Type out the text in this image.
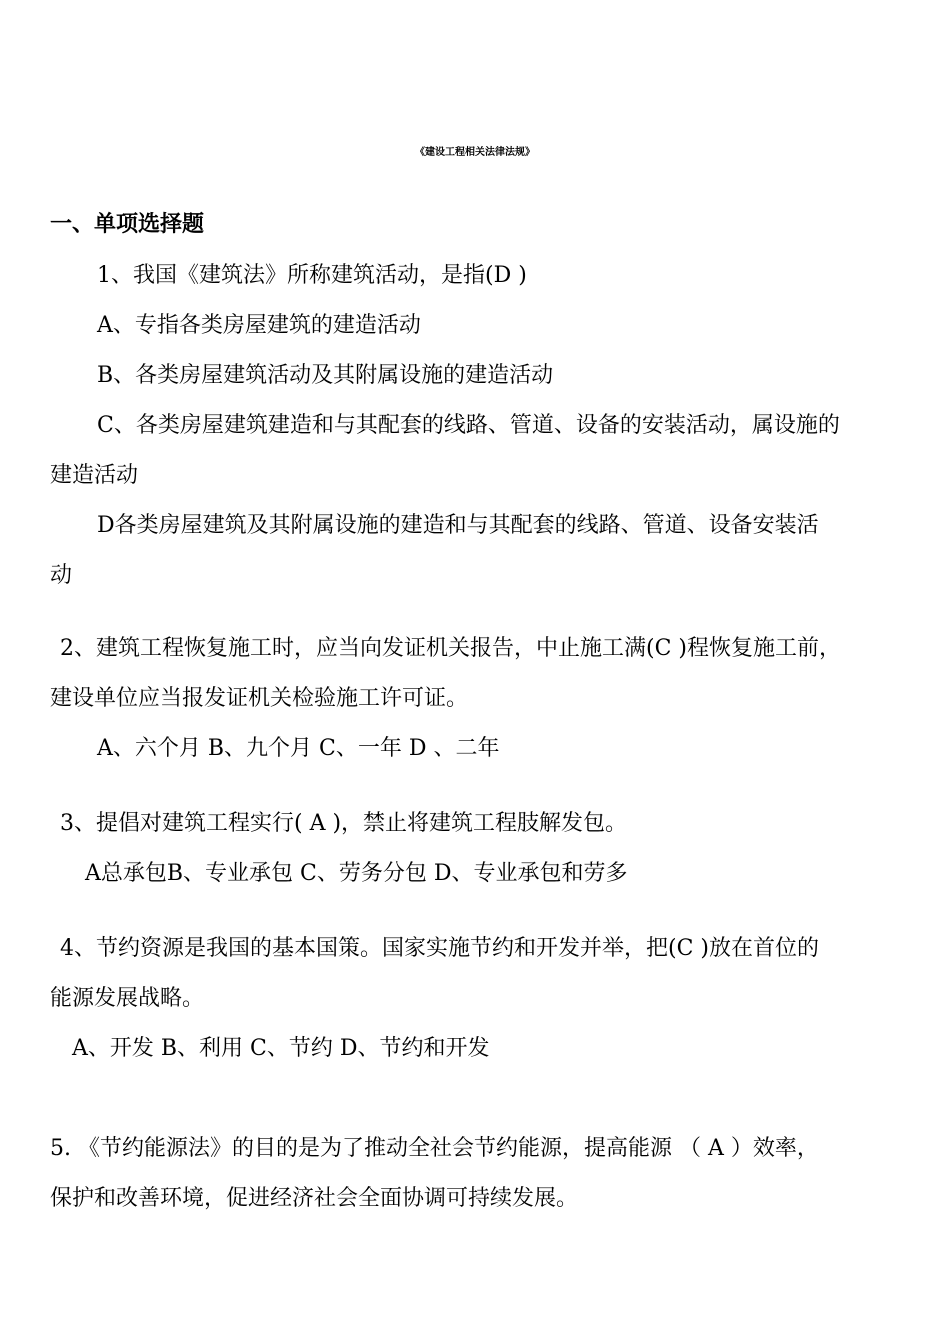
《建设工程相关法律法规》
一、单项选择题
1、我国《建筑法》所称建筑活动，是指(D )
A、专指各类房屋建筑的建造活动
B、各类房屋建筑活动及其附属设施的建造活动
C、各类房屋建筑建造和与其配套的线路、管道、设备的安装活动，属设施的
建造活动
D各类房屋建筑及其附属设施的建造和与其配套的线路、管道、设备安装活
动
2、建筑工程恢复施工时，应当向发证机关报告，中止施工满(C )程恢复施工前，
建设单位应当报发证机关检验施工许可证。
A、六个月 B、九个月 C、一年 D 、二年
3、提倡对建筑工程实行( A )，禁止将建筑工程肢解发包。
A总承包B、专业承包 C、劳务分包 D、专业承包和劳多
4、节约资源是我国的基本国策。国家实施节约和开发并举，把(C )放在首位的
能源发展战略。
A、开发 B、利用 C、节约 D、节约和开发
5. 《节约能源法》的目的是为了推动全社会节约能源，提高能源 （ A ）效率，
保护和改善环境，促进经济社会全面协调可持续发展。
